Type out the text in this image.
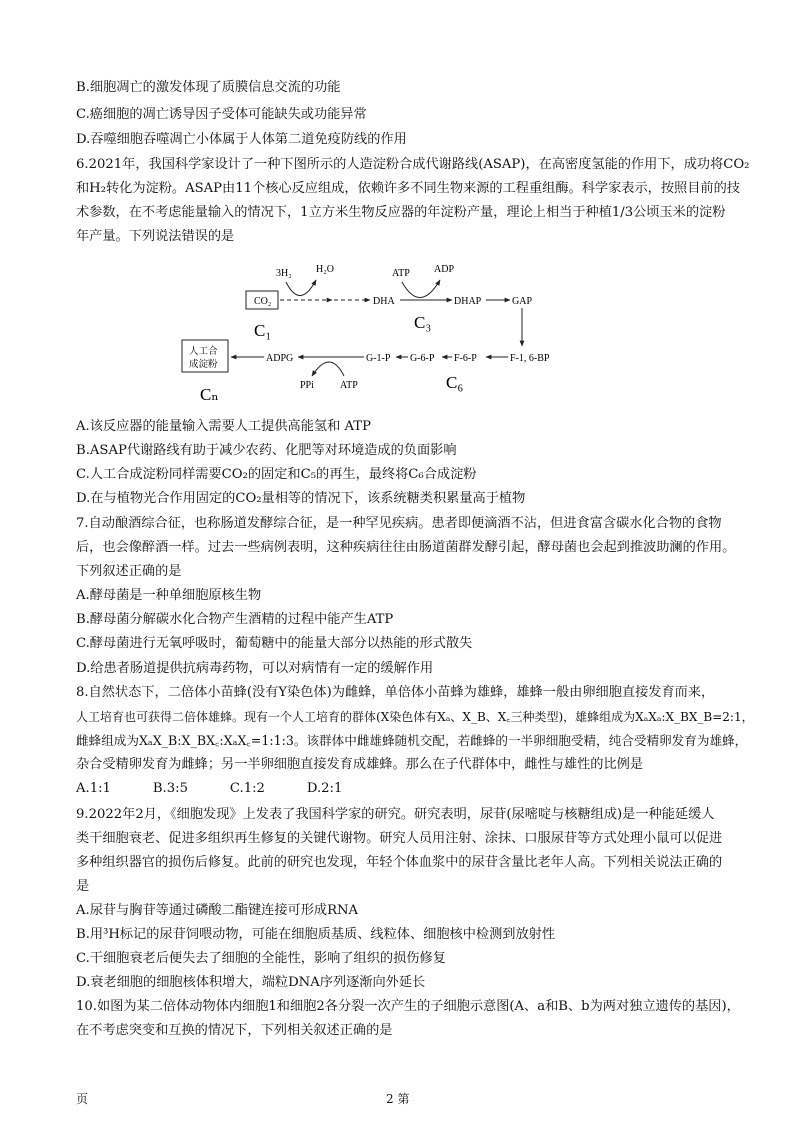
B.细胞凋亡的激发体现了质膜信息交流的功能
C.癌细胞的凋亡诱导因子受体可能缺失或功能异常
D.吞噬细胞吞噬凋亡小体属于人体第二道免疫防线的作用
6.2021年，我国科学家设计了一种下图所示的人造淀粉合成代谢路线(ASAP)，在高密度氢能的作用下，成功将CO₂
和H₂转化为淀粉。ASAP由11个核心反应组成，依赖许多不同生物来源的工程重组酶。科学家表示，按照目前的技
术参数，在不考虑能量输入的情况下，1立方米生物反应器的年淀粉产量，理论上相当于种植1/3公顷玉米的淀粉
年产量。下列说法错误的是
3H₂ H₂O	ATP ADP
CO₂	DHA	DHAP	GAP
C₁	C₃
人工合
成淀粉
ADPG	G-1-P G-6-P F-6-P	F-1, 6-BP
PPi	ATP
Cₙ
C₆
A.该反应器的能量输入需要人工提供高能氢和 ATP
B.ASAP代谢路线有助于减少农药、化肥等对环境造成的负面影响
C.人工合成淀粉同样需要CO₂的固定和C₅的再生，最终将C₆合成淀粉
D.在与植物光合作用固定的CO₂量相等的情况下，该系统糖类积累量高于植物
7.自动酿酒综合征，也称肠道发酵综合征，是一种罕见疾病。患者即便滴酒不沾，但进食富含碳水化合物的食物
后，也会像醉酒一样。过去一些病例表明，这种疾病往往由肠道菌群发酵引起，酵母菌也会起到推波助澜的作用。
下列叙述正确的是
A.酵母菌是一种单细胞原核生物
B.酵母菌分解碳水化合物产生酒精的过程中能产生ATP
C.酵母菌进行无氧呼吸时，葡萄糖中的能量大部分以热能的形式散失
D.给患者肠道提供抗病毒药物，可以对病情有一定的缓解作用
8.自然状态下，二倍体小苗蜂(没有Y染色体)为雌蜂，单倍体小苗蜂为雄蜂，雄蜂一般由卵细胞直接发育而来，
人工培育也可获得二倍体雄蜂。现有一个人工培育的群体(X染色体有Xₐ、X_B、X꜀三种类型)，雄蜂组成为XₐXₐ:X_BX_B=2:1，
雌蜂组成为XₐX_B:X_BX꜀:XₐX꜀=1:1:3。该群体中雌雄蜂随机交配，若雌蜂的一半卵细胞受精，纯合受精卵发育为雄蜂，
杂合受精卵发育为雌蜂；另一半卵细胞直接发育成雄蜂。那么在子代群体中，雌性与雄性的比例是
A.1:1          B.3:5          C.1:2          D.2:1
9.2022年2月，《细胞发现》上发表了我国科学家的研究。研究表明，尿苷(尿嘧啶与核糖组成)是一种能延缓人
类干细胞衰老、促进多组织再生修复的关键代谢物。研究人员用注射、涂抹、口服尿苷等方式处理小鼠可以促进
多种组织器官的损伤后修复。此前的研究也发现，年轻个体血浆中的尿苷含量比老年人高。下列相关说法正确的
是
A.尿苷与胸苷等通过磷酸二酯键连接可形成RNA
B.用³H标记的尿苷饲喂动物，可能在细胞质基质、线粒体、细胞核中检测到放射性
C.干细胞衰老后便失去了细胞的全能性，影响了组织的损伤修复
D.衰老细胞的细胞核体积增大，端粒DNA序列逐渐向外延长
10.如图为某二倍体动物体内细胞1和细胞2各分裂一次产生的子细胞示意图(A、a和B、b为两对独立遗传的基因)，
在不考虑突变和互换的情况下，下列相关叙述正确的是
页	2 第
